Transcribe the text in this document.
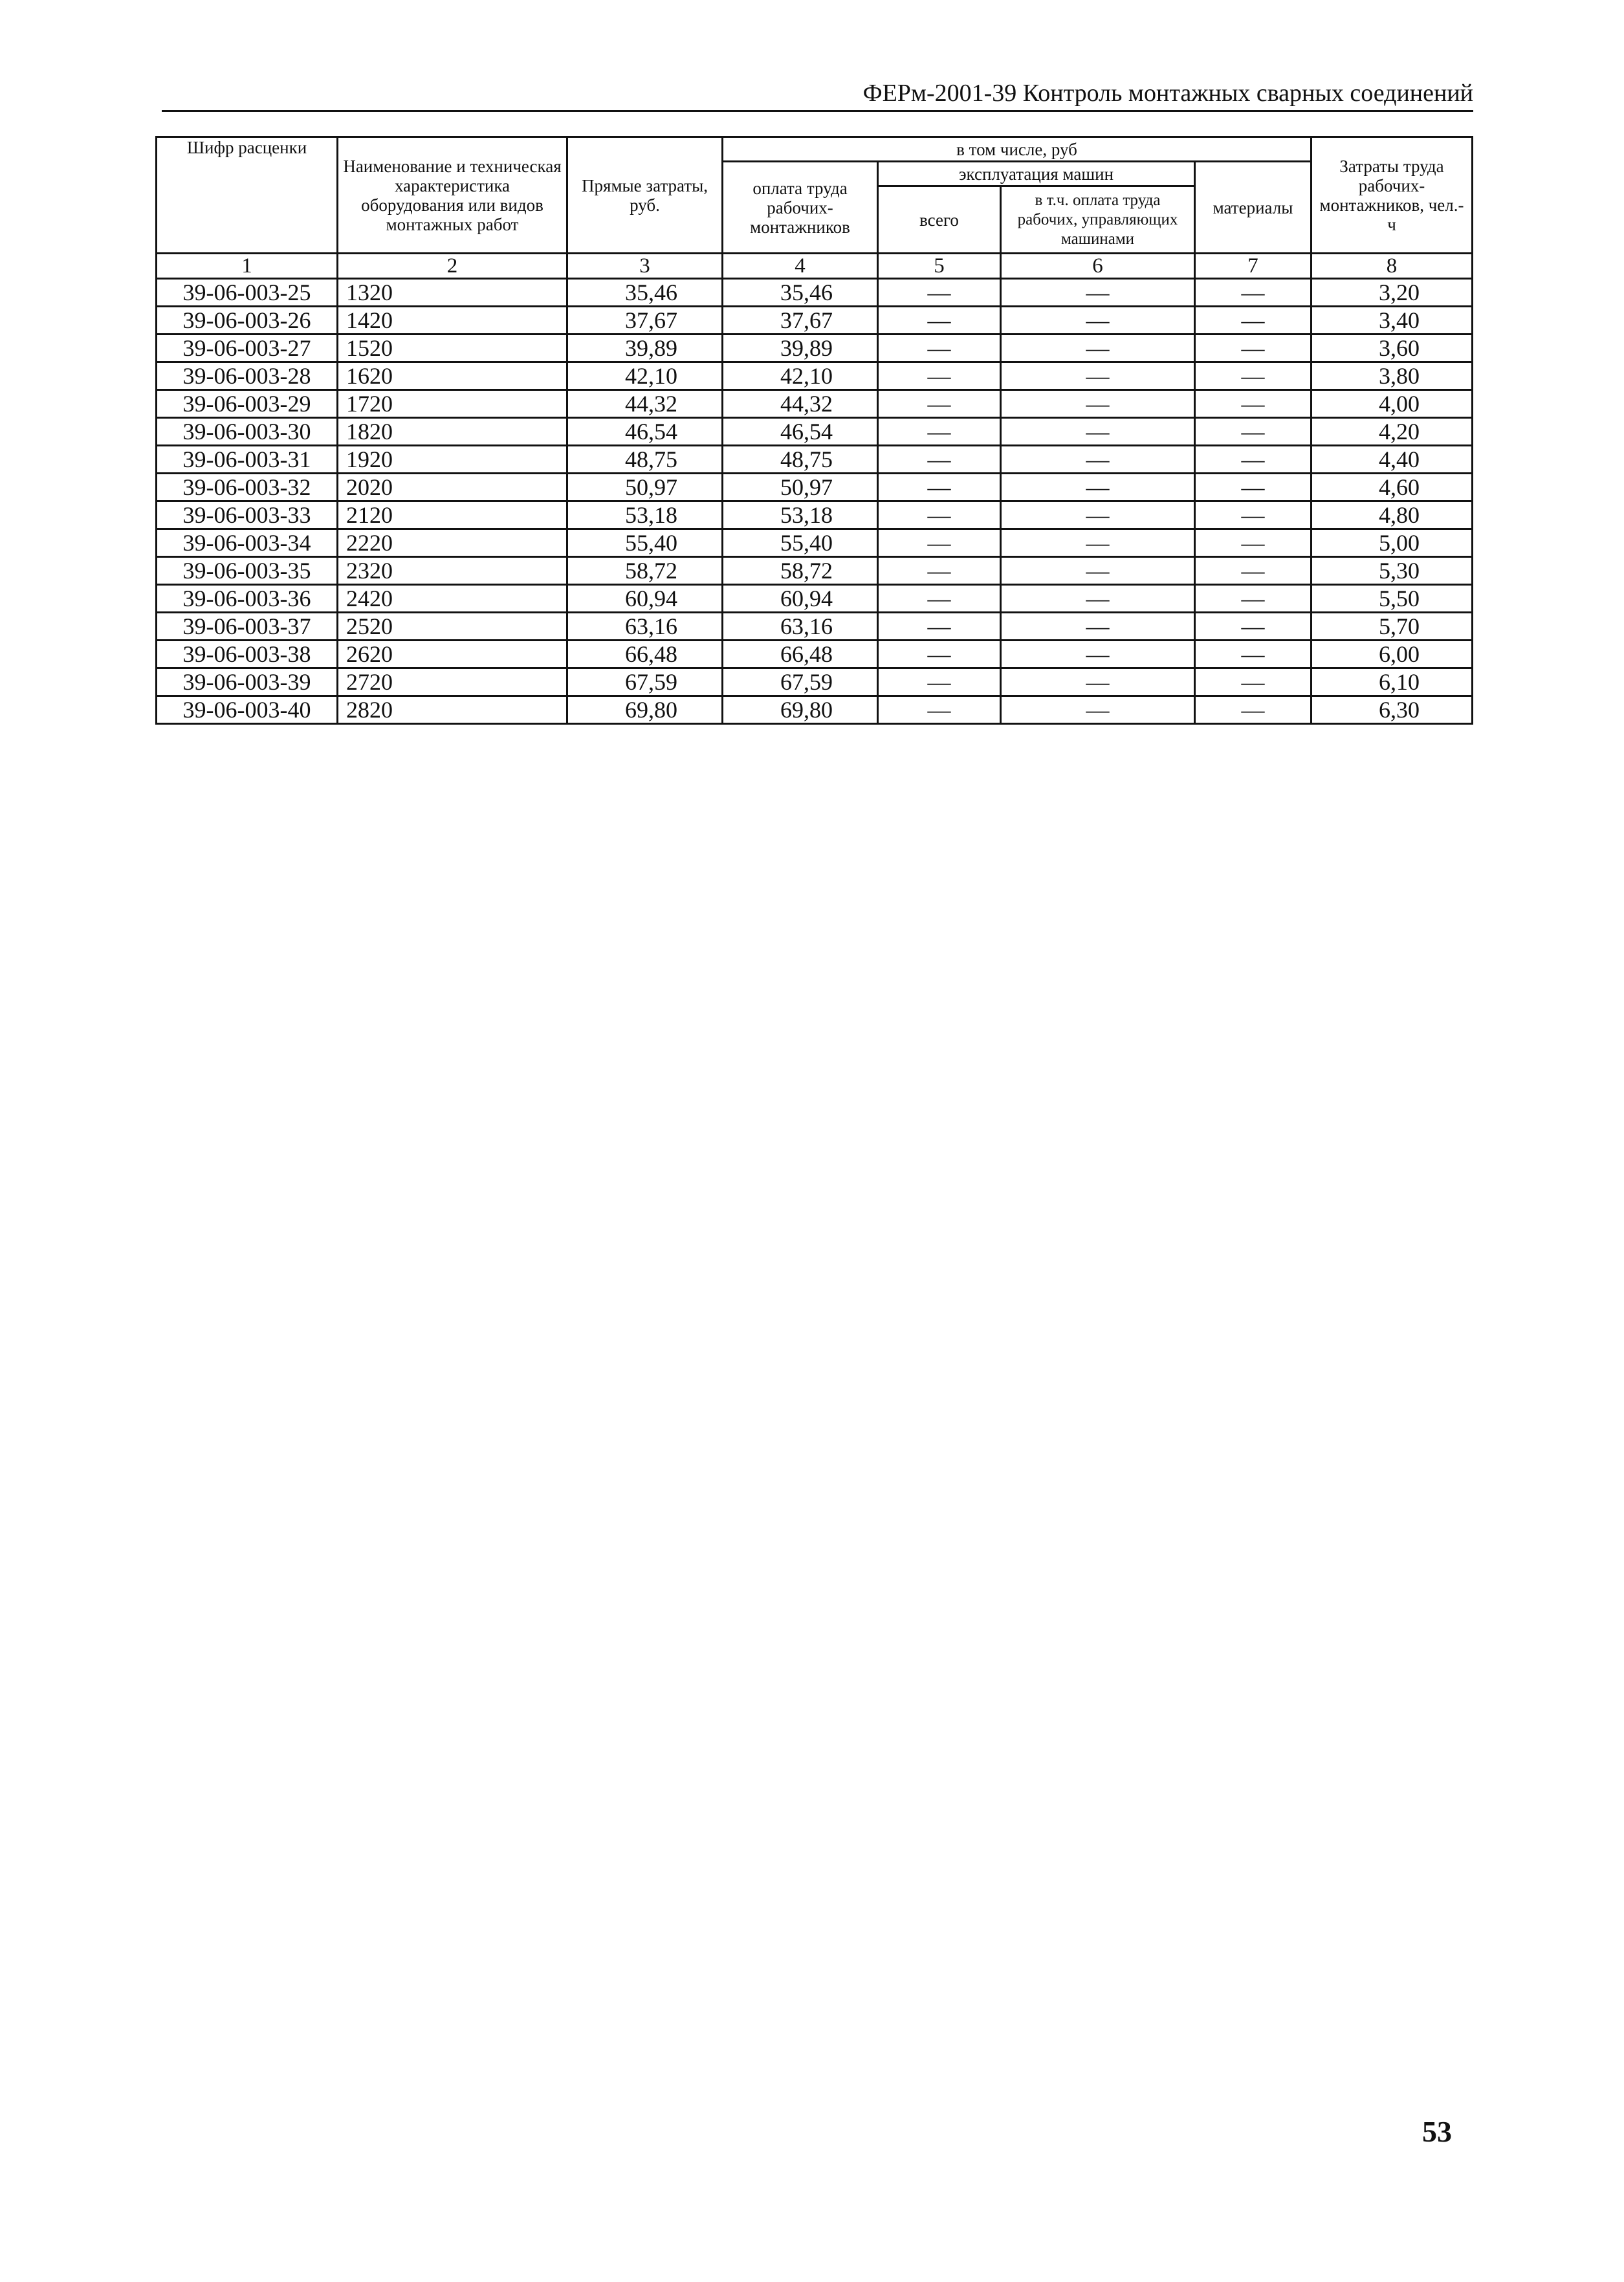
ФЕРм-2001-39 Контроль монтажных сварных соединений
Шифр расценки	Наименование и техническая характеристика оборудования или видов монтажных работ	Прямые затраты, руб.	в том числе, руб				Затраты труда рабочих-монтажников, чел.-ч
			оплата труда рабочих-монтажников	эксплуатация машин		материалы	
				всего	в т.ч. оплата труда рабочих, управляющих машинами		
1	2	3	4	5	6	7	8
39-06-003-25	1320	35,46	35,46	—	—	—	3,20
39-06-003-26	1420	37,67	37,67	—	—	—	3,40
39-06-003-27	1520	39,89	39,89	—	—	—	3,60
39-06-003-28	1620	42,10	42,10	—	—	—	3,80
39-06-003-29	1720	44,32	44,32	—	—	—	4,00
39-06-003-30	1820	46,54	46,54	—	—	—	4,20
39-06-003-31	1920	48,75	48,75	—	—	—	4,40
39-06-003-32	2020	50,97	50,97	—	—	—	4,60
39-06-003-33	2120	53,18	53,18	—	—	—	4,80
39-06-003-34	2220	55,40	55,40	—	—	—	5,00
39-06-003-35	2320	58,72	58,72	—	—	—	5,30
39-06-003-36	2420	60,94	60,94	—	—	—	5,50
39-06-003-37	2520	63,16	63,16	—	—	—	5,70
39-06-003-38	2620	66,48	66,48	—	—	—	6,00
39-06-003-39	2720	67,59	67,59	—	—	—	6,10
39-06-003-40	2820	69,80	69,80	—	—	—	6,30
53
